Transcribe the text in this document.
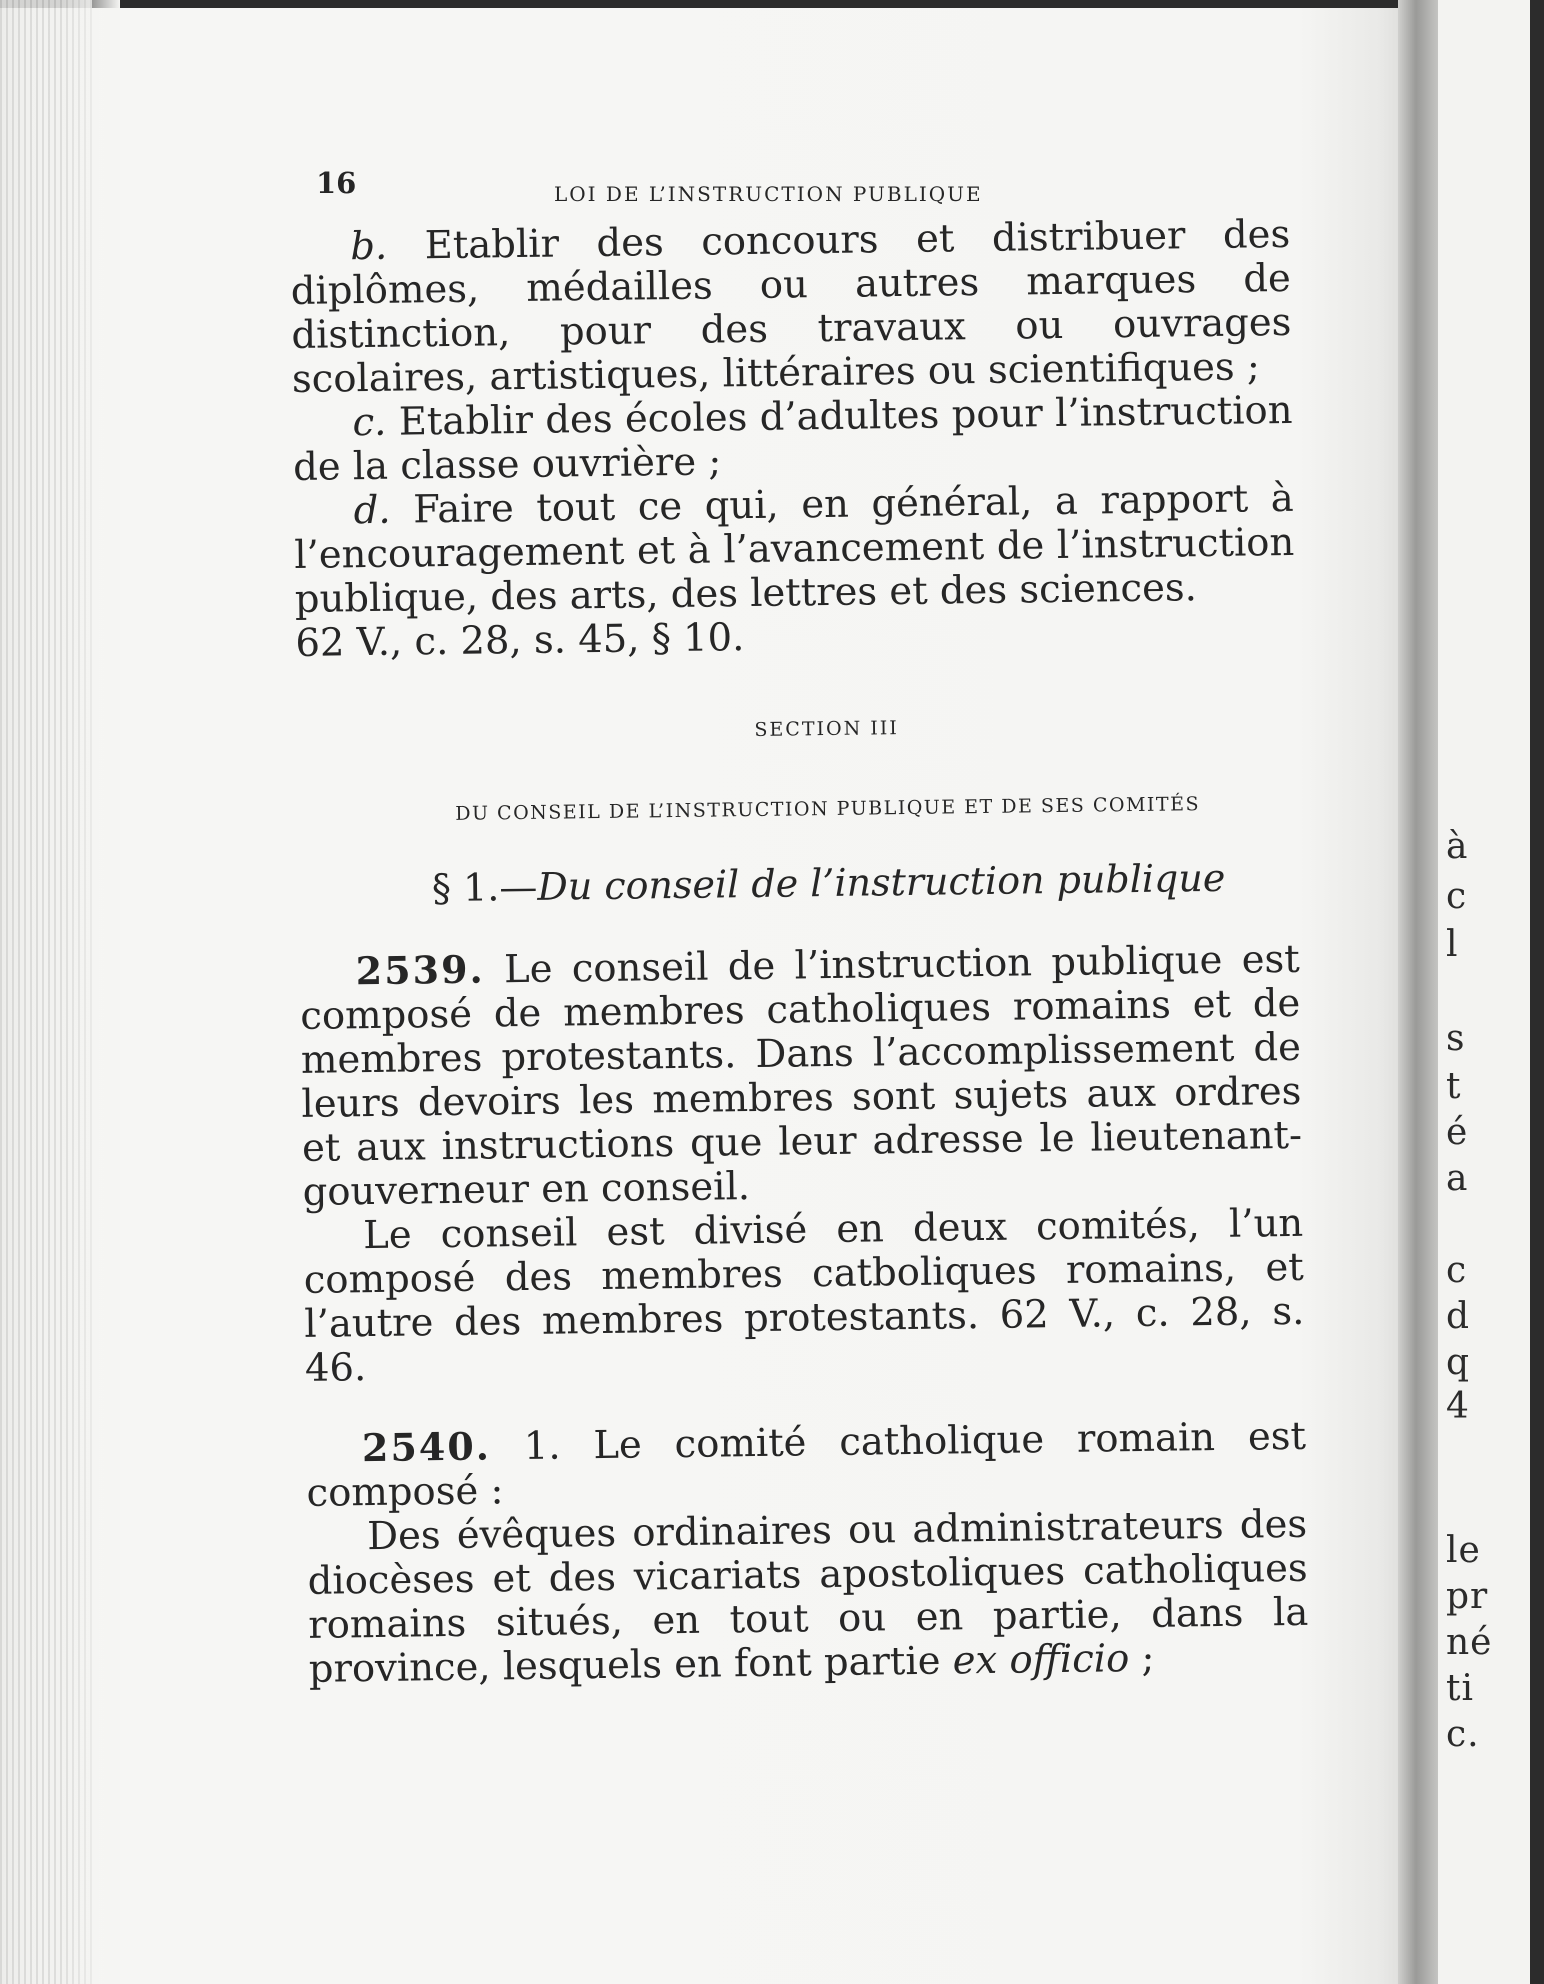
16	LOI DE L’INSTRUCTION PUBLIQUE

b. Etablir des concours et distribuer des diplômes, médailles ou autres marques de distinction, pour des travaux ou ouvrages scolaires, artistiques, littéraires ou scientifiques ;

c. Etablir des écoles d’adultes pour l’instruction de la classe ouvrière ;

d. Faire tout ce qui, en général, a rapport à l’encouragement et à l’avancement de l’instruction publique, des arts, des lettres et des sciences.
62 V., c. 28, s. 45, § 10.

SECTION III

DU CONSEIL DE L’INSTRUCTION PUBLIQUE ET DE SES COMITÉS

§ 1.—Du conseil de l’instruction publique

2539. Le conseil de l’instruction publique est composé de membres catholiques romains et de membres protestants. Dans l’accomplissement de leurs devoirs les membres sont sujets aux ordres et aux instructions que leur adresse le lieutenant-gouverneur en conseil.

Le conseil est divisé en deux comités, l’un composé des membres catboliques romains, et l’autre des membres protestants. 62 V., c. 28, s. 46.

2540. 1. Le comité catholique romain est composé :

Des évêques ordinaires ou administrateurs des diocèses et des vicariats apostoliques catholiques romains situés, en tout ou en partie, dans la province, lesquels en font partie ex officio ;

à
c
l
s
t
é
a
c
d
q
4
le
pr
né
ti
c.
